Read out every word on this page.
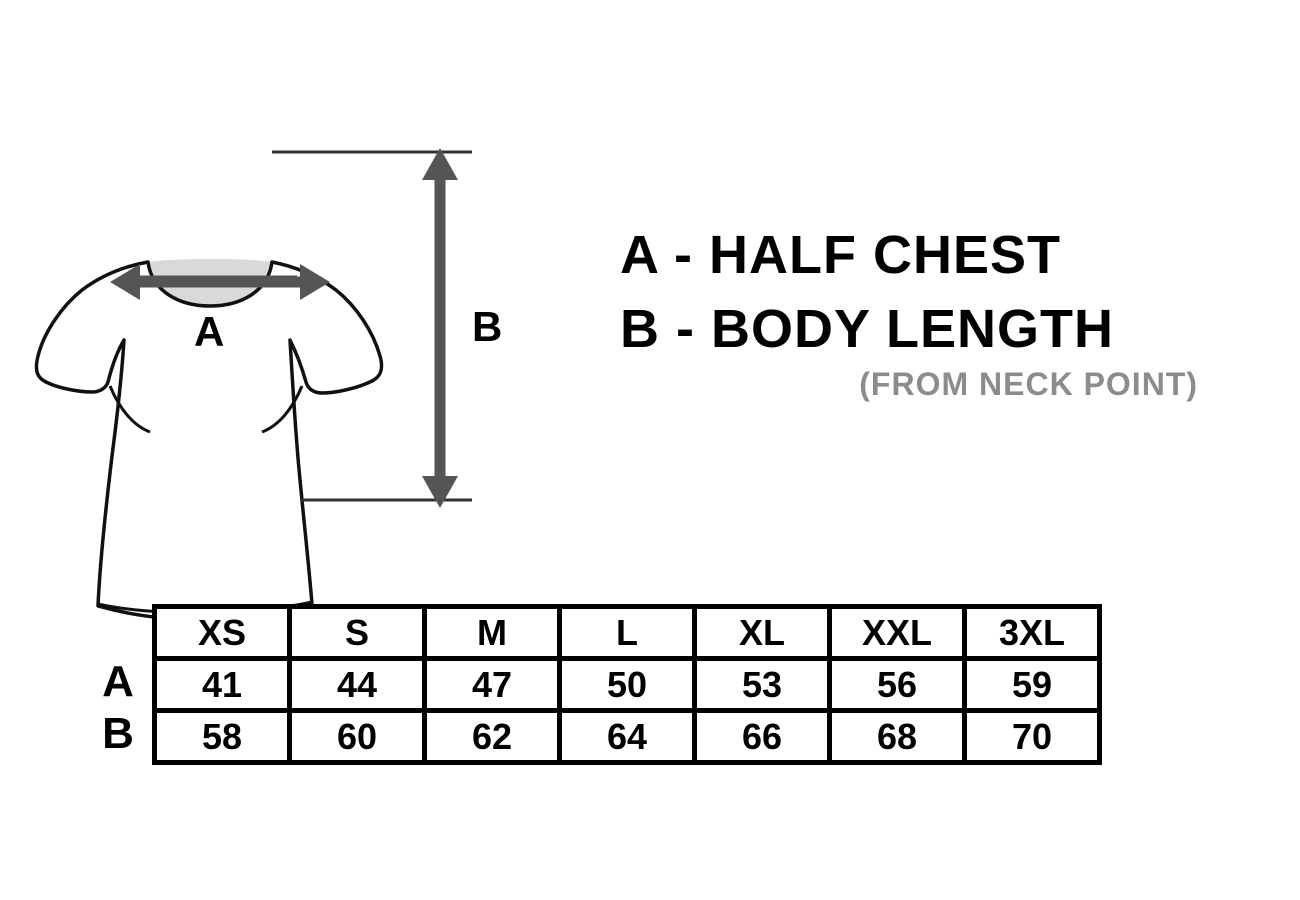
A	B
A - HALF CHEST
B - BODY LENGTH
(FROM NECK POINT)
A
B
XS	S	M	L	XL	XXL	3XL
41	44	47	50	53	56	59
58	60	62	64	66	68	70
